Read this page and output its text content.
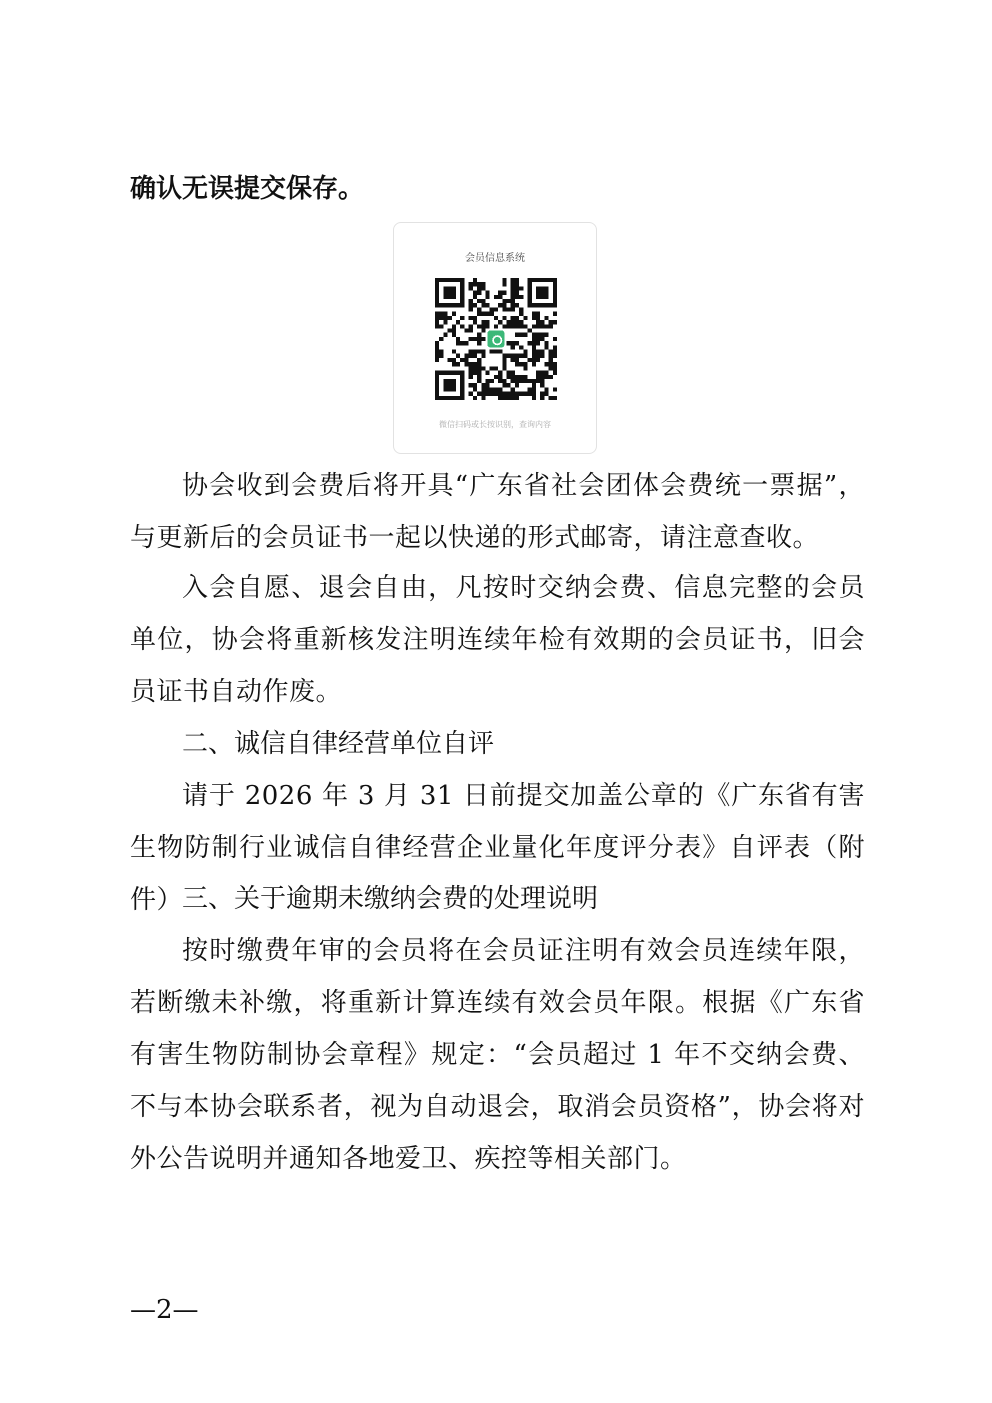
确认无误提交保存。

会员信息系统
微信扫码或长按识别，查询内容

协会收到会费后将开具“广东省社会团体会费统一票据”，与更新后的会员证书一起以快递的形式邮寄，请注意查收。

入会自愿、退会自由，凡按时交纳会费、信息完整的会员单位，协会将重新核发注明连续年检有效期的会员证书，旧会员证书自动作废。

二、诚信自律经营单位自评

请于 2026 年 3 月 31 日前提交加盖公章的《广东省有害生物防制行业诚信自律经营企业量化年度评分表》自评表（附件）

三、关于逾期未缴纳会费的处理说明

按时缴费年审的会员将在会员证注明有效会员连续年限，若断缴未补缴，将重新计算连续有效会员年限。根据《广东省有害生物防制协会章程》规定：“会员超过 1 年不交纳会费、不与本协会联系者，视为自动退会，取消会员资格”，协会将对外公告说明并通知各地爱卫、疾控等相关部门。

—2—
